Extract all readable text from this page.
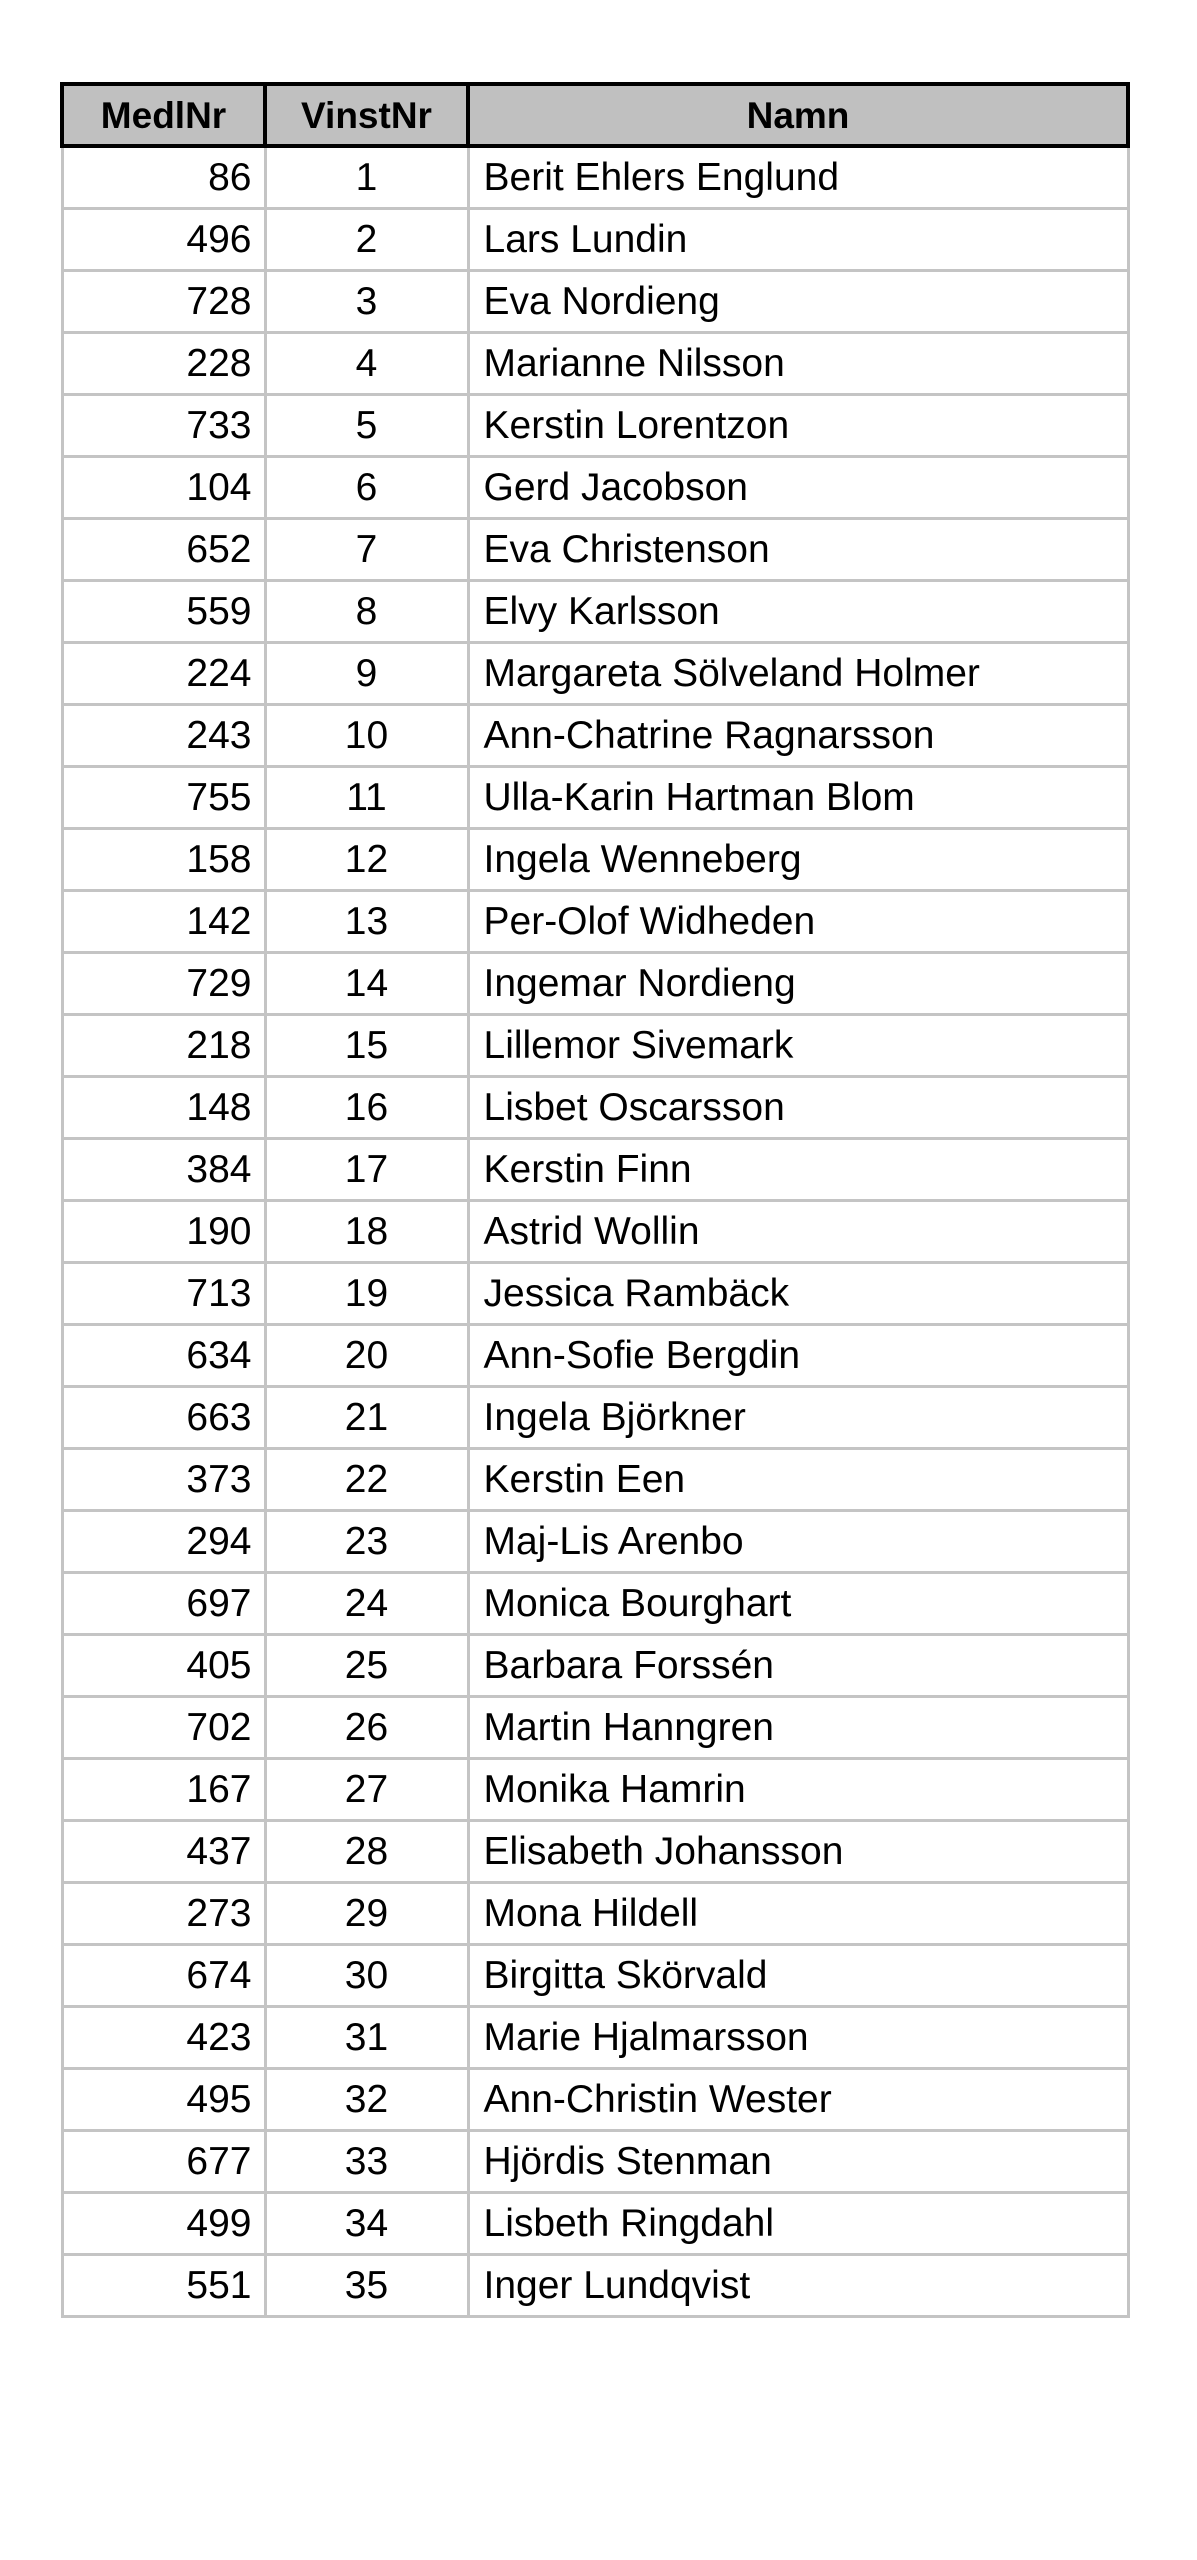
MedlNr	VinstNr	Namn
86	1	Berit Ehlers Englund
496	2	Lars Lundin
728	3	Eva Nordieng
228	4	Marianne Nilsson
733	5	Kerstin Lorentzon
104	6	Gerd Jacobson
652	7	Eva Christenson
559	8	Elvy Karlsson
224	9	Margareta Sölveland Holmer
243	10	Ann-Chatrine Ragnarsson
755	11	Ulla-Karin Hartman Blom
158	12	Ingela Wenneberg
142	13	Per-Olof Widheden
729	14	Ingemar Nordieng
218	15	Lillemor Sivemark
148	16	Lisbet Oscarsson
384	17	Kerstin Finn
190	18	Astrid Wollin
713	19	Jessica Rambäck
634	20	Ann-Sofie Bergdin
663	21	Ingela Björkner
373	22	Kerstin Een
294	23	Maj-Lis Arenbo
697	24	Monica Bourghart
405	25	Barbara Forssén
702	26	Martin Hanngren
167	27	Monika Hamrin
437	28	Elisabeth Johansson
273	29	Mona Hildell
674	30	Birgitta Skörvald
423	31	Marie Hjalmarsson
495	32	Ann-Christin Wester
677	33	Hjördis Stenman
499	34	Lisbeth Ringdahl
551	35	Inger Lundqvist
